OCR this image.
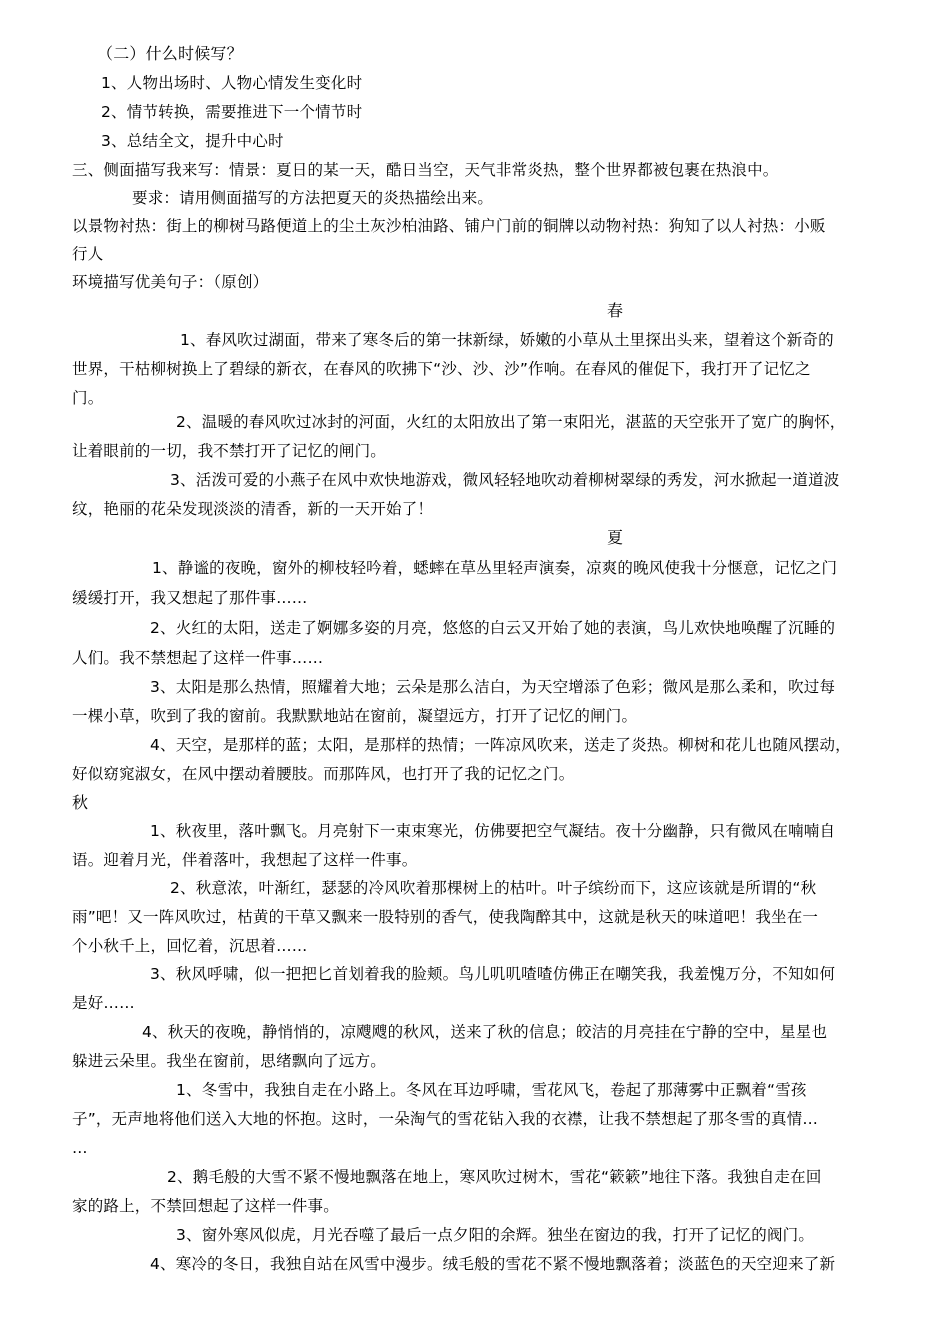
（二）什么时候写？
1、人物出场时、人物心情发生变化时
2、情节转换，需要推进下一个情节时
3、总结全文，提升中心时
三、侧面描写我来写：情景：夏日的某一天，酷日当空，天气非常炎热，整个世界都被包裹在热浪中。
要求：请用侧面描写的方法把夏天的炎热描绘出来。
以景物衬热：街上的柳树马路便道上的尘土灰沙柏油路、铺户门前的铜牌以动物衬热：狗知了以人衬热：小贩
行人
环境描写优美句子：（原创）
春
1、春风吹过湖面，带来了寒冬后的第一抹新绿，娇嫩的小草从土里探出头来，望着这个新奇的
世界，干枯柳树换上了碧绿的新衣，在春风的吹拂下“沙、沙、沙”作响。在春风的催促下，我打开了记忆之
门。
2、温暖的春风吹过冰封的河面，火红的太阳放出了第一束阳光，湛蓝的天空张开了宽广的胸怀，
让着眼前的一切，我不禁打开了记忆的闸门。
3、活泼可爱的小燕子在风中欢快地游戏，微风轻轻地吹动着柳树翠绿的秀发，河水掀起一道道波
纹，艳丽的花朵发现淡淡的清香，新的一天开始了！
夏
1、静谧的夜晚，窗外的柳枝轻吟着，蟋蟀在草丛里轻声演奏，凉爽的晚风使我十分惬意，记忆之门
缓缓打开，我又想起了那件事……
2、火红的太阳，送走了婀娜多姿的月亮，悠悠的白云又开始了她的表演，鸟儿欢快地唤醒了沉睡的
人们。我不禁想起了这样一件事……
3、太阳是那么热情，照耀着大地；云朵是那么洁白，为天空增添了色彩；微风是那么柔和，吹过每
一棵小草，吹到了我的窗前。我默默地站在窗前，凝望远方，打开了记忆的闸门。
4、天空，是那样的蓝；太阳，是那样的热情；一阵凉风吹来，送走了炎热。柳树和花儿也随风摆动，
好似窈窕淑女，在风中摆动着腰肢。而那阵风，也打开了我的记忆之门。
秋
1、秋夜里，落叶飘飞。月亮射下一束束寒光，仿佛要把空气凝结。夜十分幽静，只有微风在喃喃自
语。迎着月光，伴着落叶，我想起了这样一件事。
2、秋意浓，叶渐红，瑟瑟的冷风吹着那棵树上的枯叶。叶子缤纷而下，这应该就是所谓的“秋
雨”吧！又一阵风吹过，枯黄的干草又飘来一股特别的香气，使我陶醉其中，这就是秋天的味道吧！我坐在一
个小秋千上，回忆着，沉思着……
3、秋风呼啸，似一把把匕首划着我的脸颊。鸟儿叽叽喳喳仿佛正在嘲笑我，我羞愧万分，不知如何
是好……
4、秋天的夜晚，静悄悄的，凉飕飕的秋风，送来了秋的信息；皎洁的月亮挂在宁静的空中，星星也
躲进云朵里。我坐在窗前，思绪飘向了远方。
1、冬雪中，我独自走在小路上。冬风在耳边呼啸，雪花风飞，卷起了那薄雾中正飘着“雪孩
子”，无声地将他们送入大地的怀抱。这时，一朵淘气的雪花钻入我的衣襟，让我不禁想起了那冬雪的真情…
…
2、鹅毛般的大雪不紧不慢地飘落在地上，寒风吹过树木，雪花“簌簌”地往下落。我独自走在回
家的路上，不禁回想起了这样一件事。
3、窗外寒风似虎，月光吞噬了最后一点夕阳的余辉。独坐在窗边的我，打开了记忆的阀门。
4、寒冷的冬日，我独自站在风雪中漫步。绒毛般的雪花不紧不慢地飘落着；淡蓝色的天空迎来了新
